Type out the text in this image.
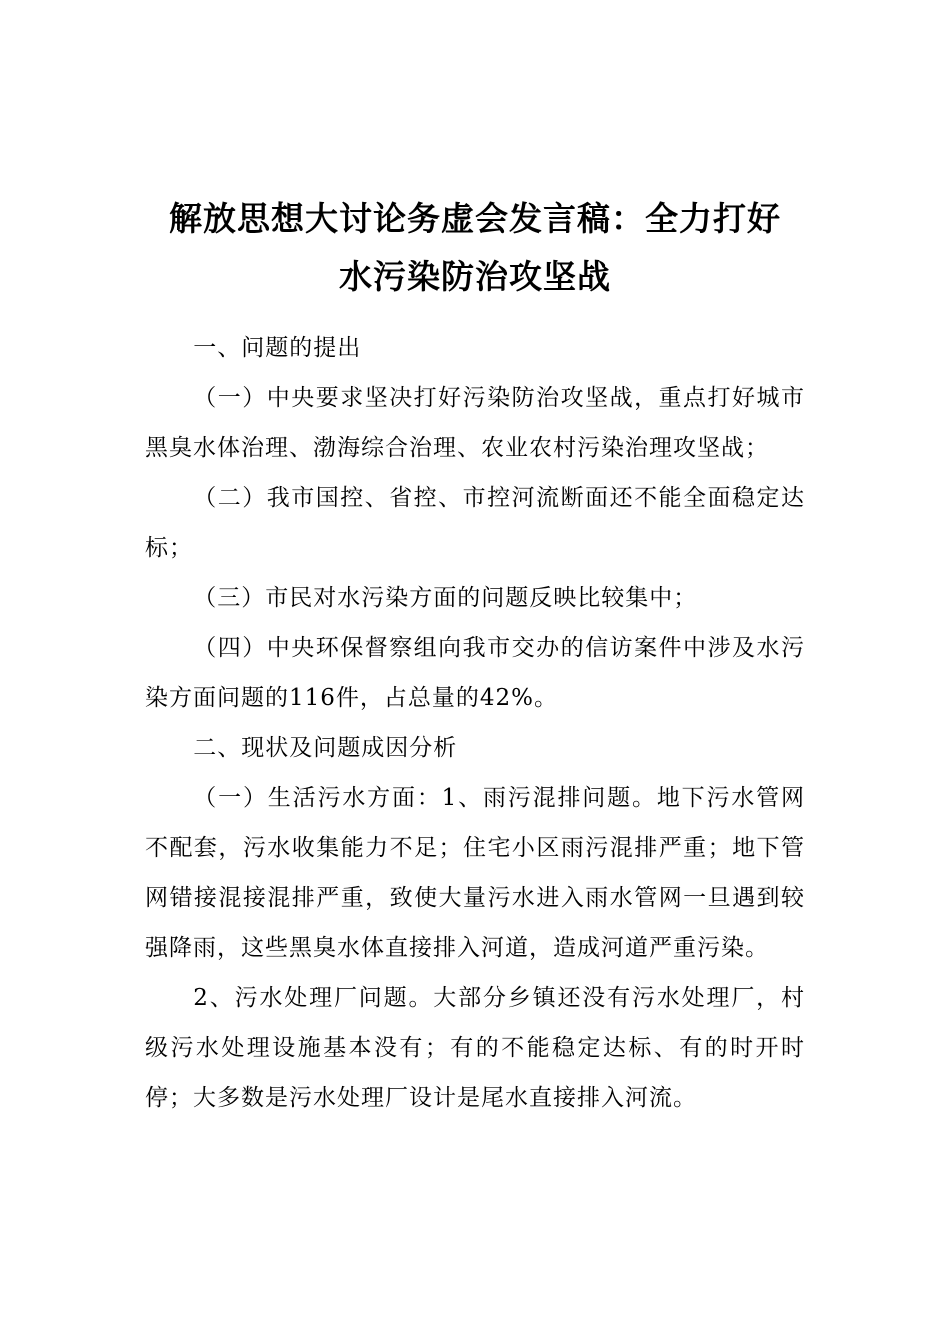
解放思想大讨论务虚会发言稿：全力打好
水污染防治攻坚战

一、问题的提出

（一）中央要求坚决打好污染防治攻坚战，重点打好城市黑臭水体治理、渤海综合治理、农业农村污染治理攻坚战；

（二）我市国控、省控、市控河流断面还不能全面稳定达标；

（三）市民对水污染方面的问题反映比较集中；

（四）中央环保督察组向我市交办的信访案件中涉及水污染方面问题的116件，占总量的42%。

二、现状及问题成因分析

（一）生活污水方面：1、雨污混排问题。地下污水管网不配套，污水收集能力不足；住宅小区雨污混排严重；地下管网错接混接混排严重，致使大量污水进入雨水管网一旦遇到较强降雨，这些黑臭水体直接排入河道，造成河道严重污染。

2、污水处理厂问题。大部分乡镇还没有污水处理厂，村级污水处理设施基本没有；有的不能稳定达标、有的时开时停；大多数是污水处理厂设计是尾水直接排入河流。
